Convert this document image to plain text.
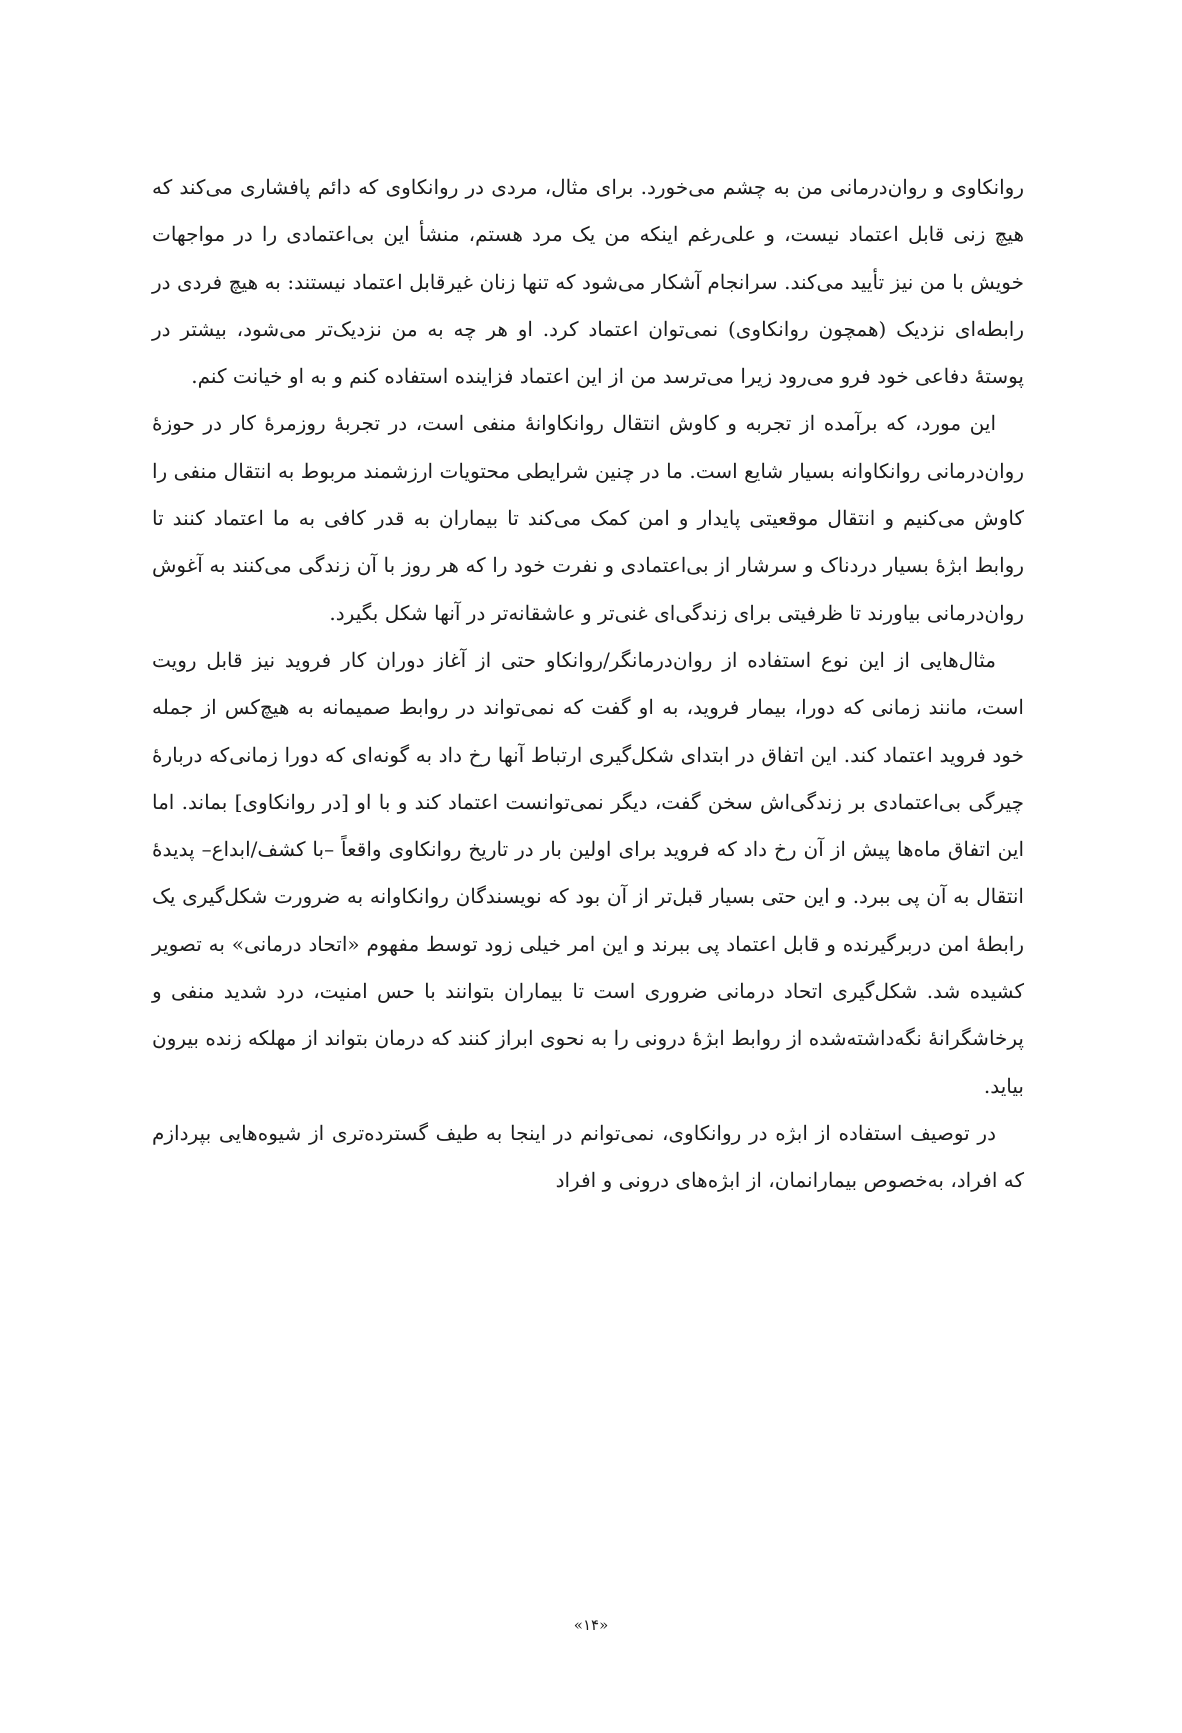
روانکاوی و روان‌درمانی من به چشم می‌خورد. برای مثال، مردی در روانکاوی که دائم پافشاری می‌کند که هیچ زنی قابل اعتماد نیست، و علی‌رغم اینکه من یک مرد هستم، منشأ این بی‌اعتمادی را در مواجهات خویش با من نیز تأیید می‌کند. سرانجام آشکار می‌شود که تنها زنان غیرقابل اعتماد نیستند: به هیچ فردی در رابطه‌ای نزدیک (همچون روانکاوی) نمی‌توان اعتماد کرد. او هر چه به من نزدیک‌تر می‌شود، بیشتر در پوستهٔ دفاعی خود فرو می‌رود زیرا می‌ترسد من از این اعتماد فزاینده استفاده کنم و به او خیانت کنم.

این مورد، که برآمده از تجربه و کاوش انتقال روانکاوانهٔ منفی است، در تجربهٔ روزمرهٔ کار در حوزهٔ روان‌درمانی روانکاوانه بسیار شایع است. ما در چنین شرایطی محتویات ارزشمند مربوط به انتقال منفی را کاوش می‌کنیم و انتقال موقعیتی پایدار و امن کمک می‌کند تا بیماران به قدر کافی به ما اعتماد کنند تا روابط ابژهٔ بسیار دردناک و سرشار از بی‌اعتمادی و نفرت خود را که هر روز با آن زندگی می‌کنند به آغوش روان‌درمانی بیاورند تا ظرفیتی برای زندگی‌ای غنی‌تر و عاشقانه‌تر در آنها شکل بگیرد.

مثال‌هایی از این نوع استفاده از روان‌درمانگر/روانکاو حتی از آغاز دوران کار فروید نیز قابل رویت است، مانند زمانی که دورا، بیمار فروید، به او گفت که نمی‌تواند در روابط صمیمانه به هیچ‌کس از جمله خود فروید اعتماد کند. این اتفاق در ابتدای شکل‌گیری ارتباط آنها رخ داد به گونه‌ای که دورا زمانی‌که دربارهٔ چیرگی بی‌اعتمادی بر زندگی‌اش سخن گفت، دیگر نمی‌توانست اعتماد کند و با او [در روانکاوی] بماند. اما این اتفاق ماه‌ها پیش از آن رخ داد که فروید برای اولین بار در تاریخ روانکاوی واقعاً –با کشف/ابداع– پدیدهٔ انتقال به آن پی ببرد. و این حتی بسیار قبل‌تر از آن بود که نویسندگان روانکاوانه به ضرورت شکل‌گیری یک رابطهٔ امن دربرگیرنده و قابل اعتماد پی ببرند و این امر خیلی زود توسط مفهوم «اتحاد درمانی» به تصویر کشیده شد. شکل‌گیری اتحاد درمانی ضروری است تا بیماران بتوانند با حس امنیت، درد شدید منفی و پرخاشگرانهٔ نگه‌داشته‌شده از روابط ابژهٔ درونی را به نحوی ابراز کنند که درمان بتواند از مهلکه زنده بیرون بیاید.

در توصیف استفاده از ابژه در روانکاوی، نمی‌توانم در اینجا به طیف گسترده‌تری از شیوه‌هایی بپردازم که افراد، به‌خصوص بیمارانمان، از ابژه‌های درونی و افراد

«۱۴»
